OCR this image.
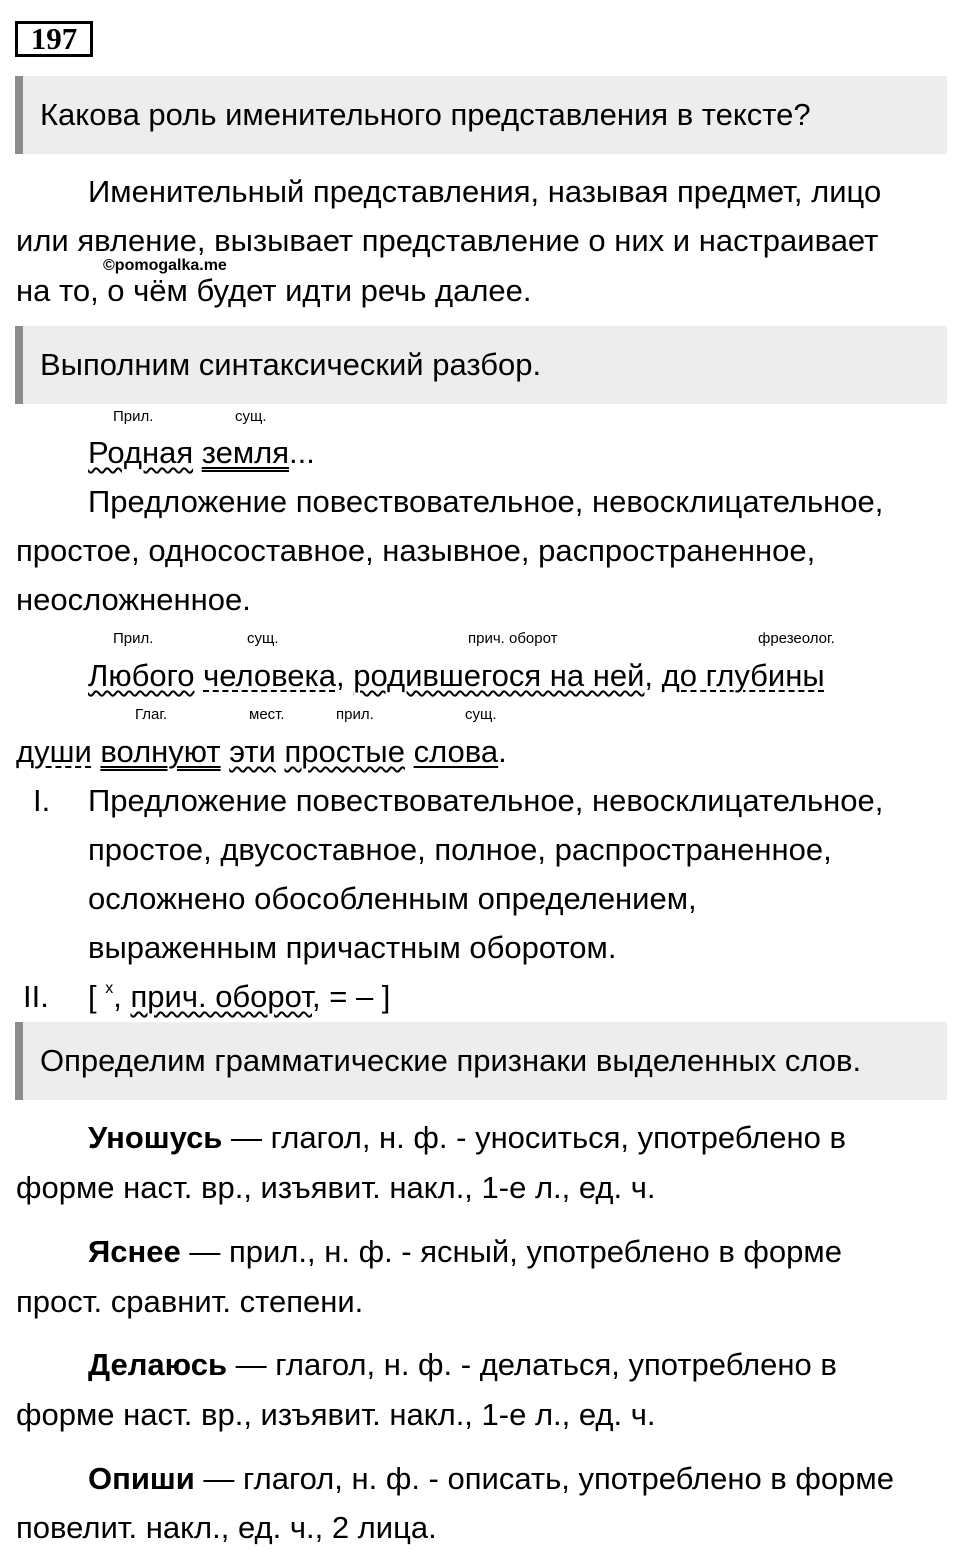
197
Какова роль именительного представления в тексте?
Именительный представления, называя предмет, лицо
или явление, вызывает представление о них и настраивает
©pomogalka.me
на то, о чём будет идти речь далее.
Выполним синтаксический разбор.
Прил.	сущ.
Родная земля...
Предложение повествовательное, невосклицательное,
простое, односоставное, назывное, распространенное,
неосложненное.
Прил.	сущ.	прич. оборот	фрезеолог.
Любого человека, родившегося на ней, до глубины
Глаг.	мест.	прил.	сущ.
души волнуют эти простые слова.
I. Предложение повествовательное, невосклицательное,
простое, двусоставное, полное, распространенное,
осложнено обособленным определением,
выраженным причастным оборотом.
II. [ $^х$, прич. оборот, = – ]
Определим грамматические признаки выделенных слов.
Уношусь — глагол, н. ф. - уноситься, употреблено в
форме наст. вр., изъявит. накл., 1-е л., ед. ч.
Яснее — прил., н. ф. - ясный, употреблено в форме
прост. сравнит. степени.
Делаюсь — глагол, н. ф. - делаться, употреблено в
форме наст. вр., изъявит. накл., 1-е л., ед. ч.
Опиши — глагол, н. ф. - описать, употреблено в форме
повелит. накл., ед. ч., 2 лица.
